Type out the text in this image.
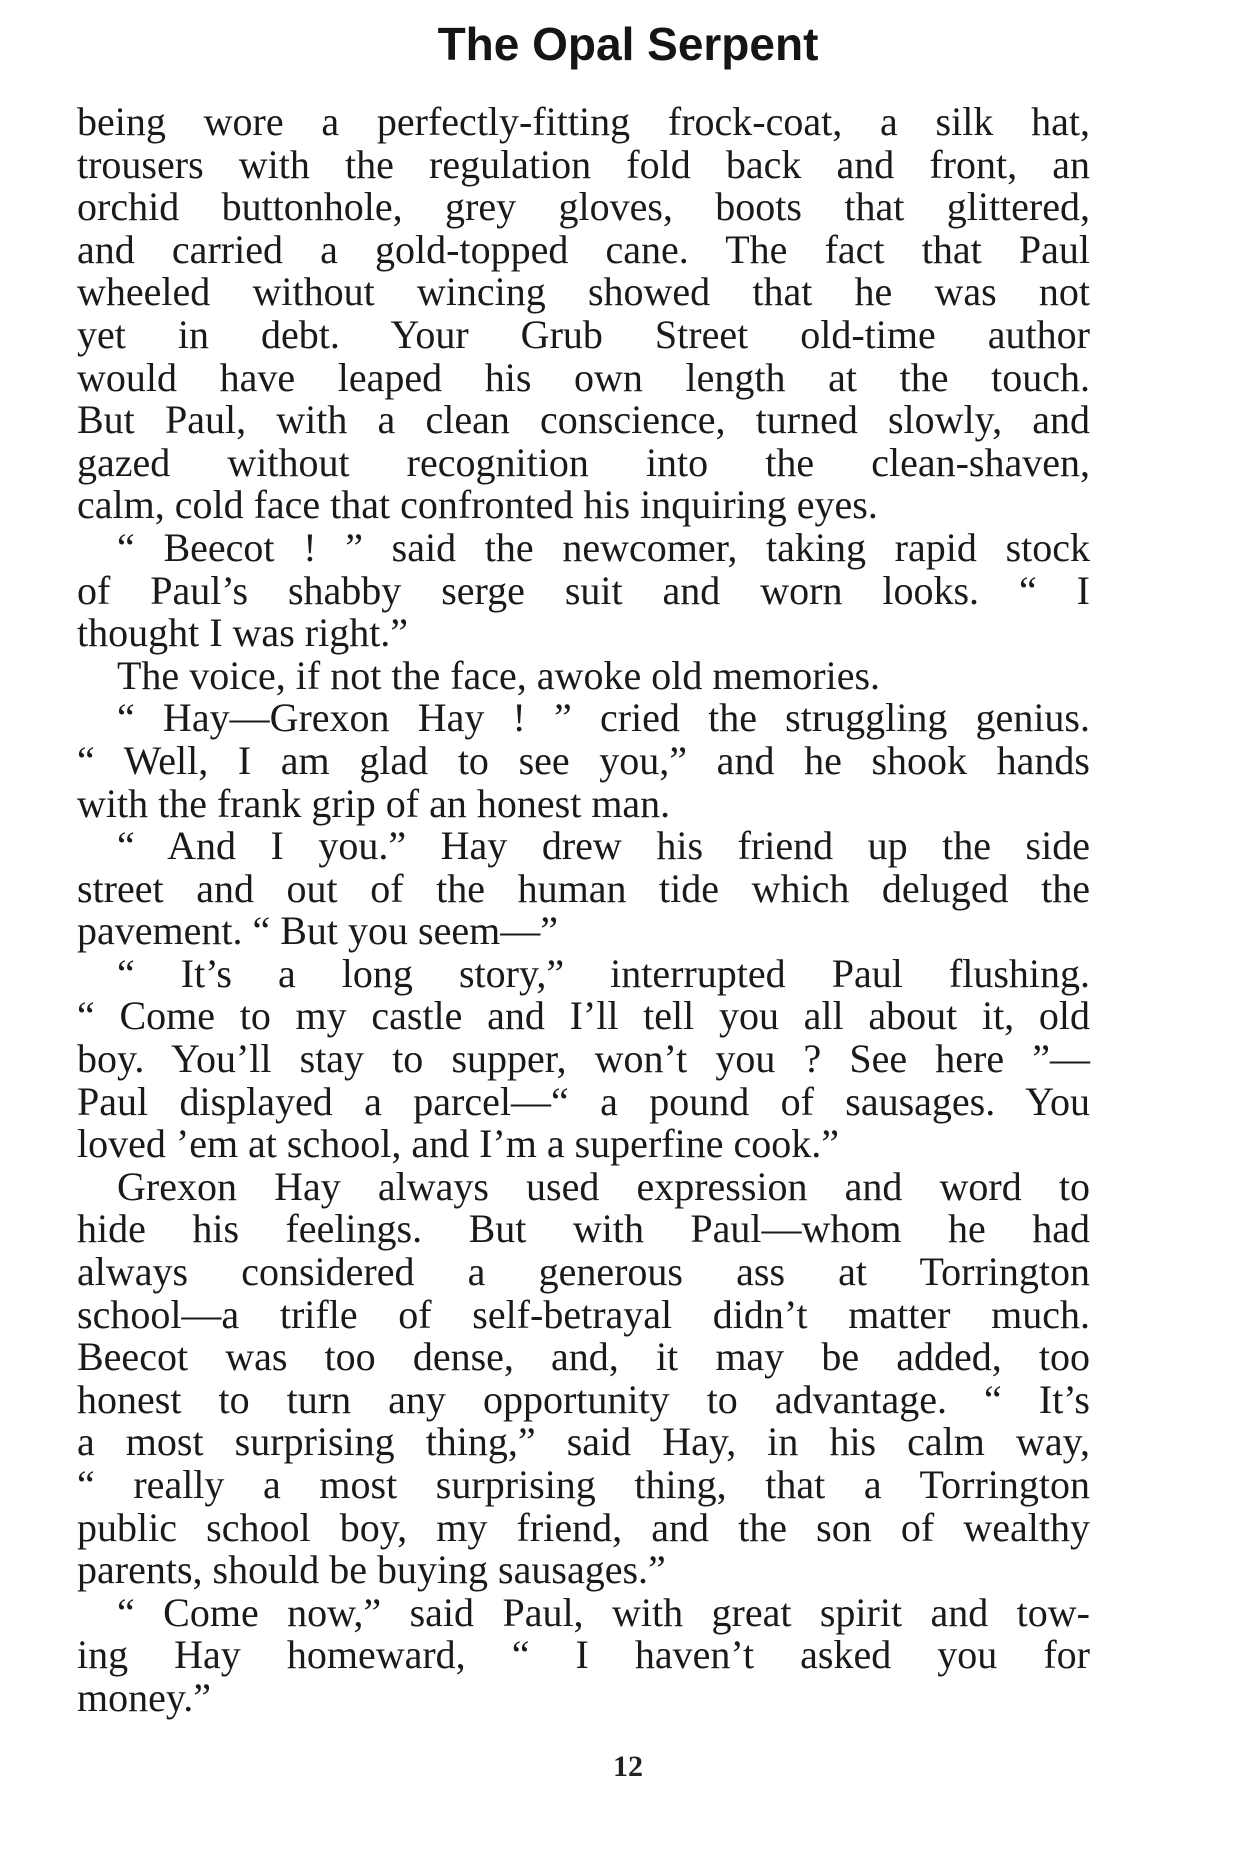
The Opal Serpent
being wore a perfectly-fitting frock-coat, a silk hat,
trousers with the regulation fold back and front, an
orchid buttonhole, grey gloves, boots that glittered,
and carried a gold-topped cane. The fact that Paul
wheeled without wincing showed that he was not
yet in debt. Your Grub Street old-time author
would have leaped his own length at the touch.
But Paul, with a clean conscience, turned slowly, and
gazed without recognition into the clean-shaven,
calm, cold face that confronted his inquiring eyes.
“ Beecot ! ” said the newcomer, taking rapid stock
of Paul’s shabby serge suit and worn looks. “ I
thought I was right.”
The voice, if not the face, awoke old memories.
“ Hay—Grexon Hay ! ” cried the struggling genius.
“ Well, I am glad to see you,” and he shook hands
with the frank grip of an honest man.
“ And I you.” Hay drew his friend up the side
street and out of the human tide which deluged the
pavement. “ But you seem—”
“ It’s a long story,” interrupted Paul flushing.
“ Come to my castle and I’ll tell you all about it, old
boy. You’ll stay to supper, won’t you ? See here ”—
Paul displayed a parcel—“ a pound of sausages. You
loved ’em at school, and I’m a superfine cook.”
Grexon Hay always used expression and word to
hide his feelings. But with Paul—whom he had
always considered a generous ass at Torrington
school—a trifle of self-betrayal didn’t matter much.
Beecot was too dense, and, it may be added, too
honest to turn any opportunity to advantage. “ It’s
a most surprising thing,” said Hay, in his calm way,
“ really a most surprising thing, that a Torrington
public school boy, my friend, and the son of wealthy
parents, should be buying sausages.”
“ Come now,” said Paul, with great spirit and tow-
ing Hay homeward, “ I haven’t asked you for
money.”
12
